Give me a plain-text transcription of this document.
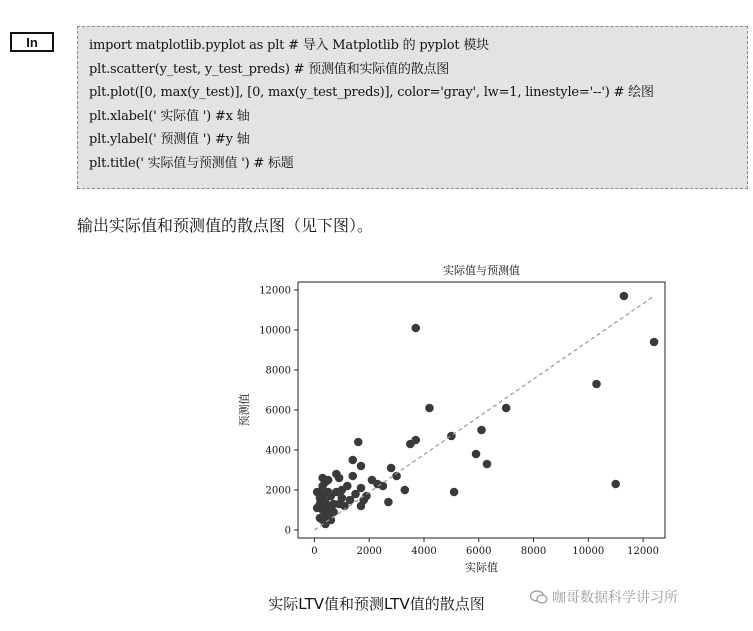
In	import matplotlib.pyplot as plt # 导入 Matplotlib 的 pyplot 模块
plt.scatter(y_test, y_test_preds) # 预测值和实际值的散点图
plt.plot([0, max(y_test)], [0, max(y_test_preds)], color='gray', lw=1, linestyle='--') # 绘图
plt.xlabel(' 实际值 ') #x 轴
plt.ylabel(' 预测值 ') #y 轴
plt.title(' 实际值与预测值 ') # 标题
输出实际值和预测值的散点图（见下图）。
实际值与预测值
0	2000	4000	6000	8000	10000 12000
0
2000
4000
6000
8000
10000
12000
实际值
预测值
实际LTV值和预测LTV值的散点图	咖哥数据科学讲习所
